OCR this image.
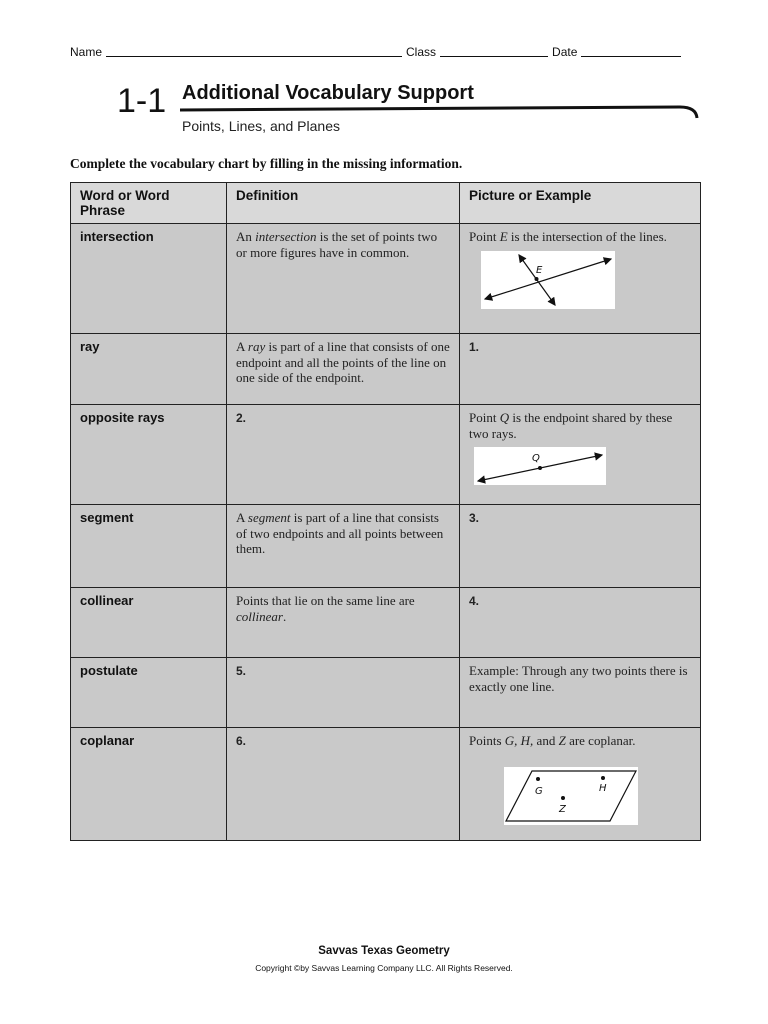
Name	Class	Date
1-1 Additional Vocabulary Support
Points, Lines, and Planes
Complete the vocabulary chart by filling in the missing information.
Word or Word Phrase	Definition	Picture or Example
intersection	An intersection is the set of points two or more figures have in common.	Point E is the intersection of the lines.
E

ray	A ray is part of a line that consists of one endpoint and all the points of the line on one side of the endpoint.	1.
opposite rays	2.	Point Q is the endpoint shared by these two rays.
Q

segment	A segment is part of a line that consists of two endpoints and all points between them.	3.
collinear	Points that lie on the same line are collinear.	4.
postulate	5.	Example: Through any two points there is exactly one line.
coplanar	6.	Points G, H, and Z are coplanar.
G H
Z
Savvas Texas Geometry
Copyright ©by Savvas Learning Company LLC. All Rights Reserved.
